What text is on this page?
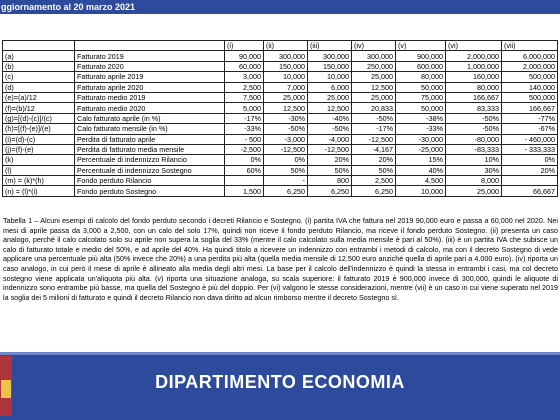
ggiornamento al 20 marzo 2021
		(i)	(ii)	(iii)	(iv)	(v)	(vi)	(vii)
(a)	Fatturato 2019	90,000	300,000	300,000	300,000	900,000	2,000,000	6,000,000
(b)	Fatturato 2020	60,000	150,000	150,000	250,000	600,000	1,000,000	2,000,000
(c)	Fatturato aprile 2019	3,000	10,000	10,000	25,000	80,000	160,000	500,000
(d)	Fatturato aprile 2020	2,500	7,000	6,000	12,500	50,000	80,000	140,000
(e)=(a)/12	Fatturato medio 2019	7,500	25,000	25,000	25,000	75,000	166,667	500,000
(f)=(b)/12	Fatturato medio 2020	5,000	12,500	12,500	20,833	50,000	83,333	166,667
(g)=[(d)-(c)]/(c)	Calo fatturato aprile (in %)	-17%	-30%	-40%	-50%	-38%	-50%	-77%
(h)=[(f)-(e)]/(e)	Calo fatturato mensile (in %)	-33%	-50%	-50%	-17%	-33%	-50%	-67%
(i)=(d)-(c)	Perdita di fatturato aprile	- 500	-3,000	-4,000	-12,500	-30,000	-80,000	- 460,000
(j)=(f)-(e)	Perdita di fatturato media mensile	-2,500	-12,500	-12,500	-4,167	-25,000	-83,333	- 333,333
(k)	Percentuale di indennizzo Rilancio	0%	0%	20%	20%	15%	10%	0%
(l)	Percentuale di indennizzo Sostegno	60%	50%	50%	50%	40%	30%	20%
(m) = (k)*(h)	Fondo perduto Rilancio		-	800	2,500	4,500	8,000	
(n) = (l)*(i)	Fondo perduto Sostegno	1,500	6,250	6,250	6,250	10,000	25,000	66,667

Tabella 1 – Alcuni esempi di calcolo del fondo perduto secondo i decreti Rilancio e Sostegno. (i) partita IVA che fattura nel 2019 90,000 euro e passa a 60,000 nel 2020. Nei mesi di aprile passa da 3,000 a 2,500, con un calo del solo 17%, quindi non riceve il fondo perduto Rilancio, ma riceve il fondo perduto Sostegno. (ii) presenta un caso analogo, perché il calo calcolato solo su aprile non supera la soglia del 33% (mentre il calo calcolato sulla media mensile è pari al 50%). (iii) è un partita IVA che subisce un calo di fatturato totale e medio del 50%, e ad aprile del 40%. Ha quindi titolo a ricevere un indennizzo con entrambi i metodi di calcolo, ma con il decreto Sostegno di vede applicare una percentuale più alta (50% invece che 20%) a una perdita più alta (quella media mensile di 12.500 euro anziché quella di aprile pari a 4.000 euro). (iv) riporta un caso analogo, in cui però il mese di aprile è allineato alla media degli altri mesi. La base per il calcolo dell'indennizzo è quindi la stessa in entrambi i casi, ma col decreto sostegno viene applicata un'aliquota più alta. (v) riporta una situazione analoga, su scala superiore: il fatturato 2019 è 900,000 invece di 300,000, quindi le aliquote di indennizzo sono entrambe più basse, ma quella del Sostegno è più del doppio. Per (vi) valgono le stesse considerazioni, mentre (vii) è un caso in cui viene superato nel 2019 la soglia dei 5 milioni di fatturato e quindi il decreto Rilancio non dava diritto ad alcun rimborso mentre il decreto Sostegno sì.

DIPARTIMENTO ECONOMIA
